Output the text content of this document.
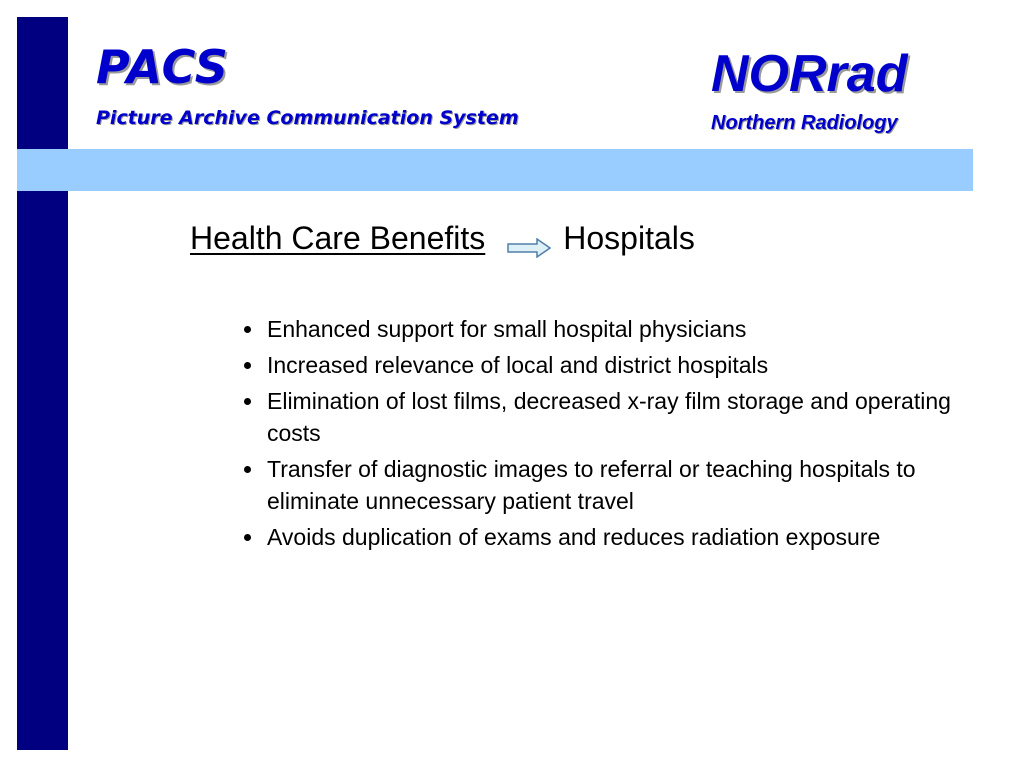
PACS
Picture Archive Communication System
NORrad
Northern Radiology
Health Care Benefits Hospitals
Enhanced support for small hospital physicians
Increased relevance of local and district hospitals
Elimination of lost films, decreased x-ray film storage and operating costs
Transfer of diagnostic images to referral or teaching hospitals to eliminate unnecessary patient travel
Avoids duplication of exams and reduces radiation exposure
